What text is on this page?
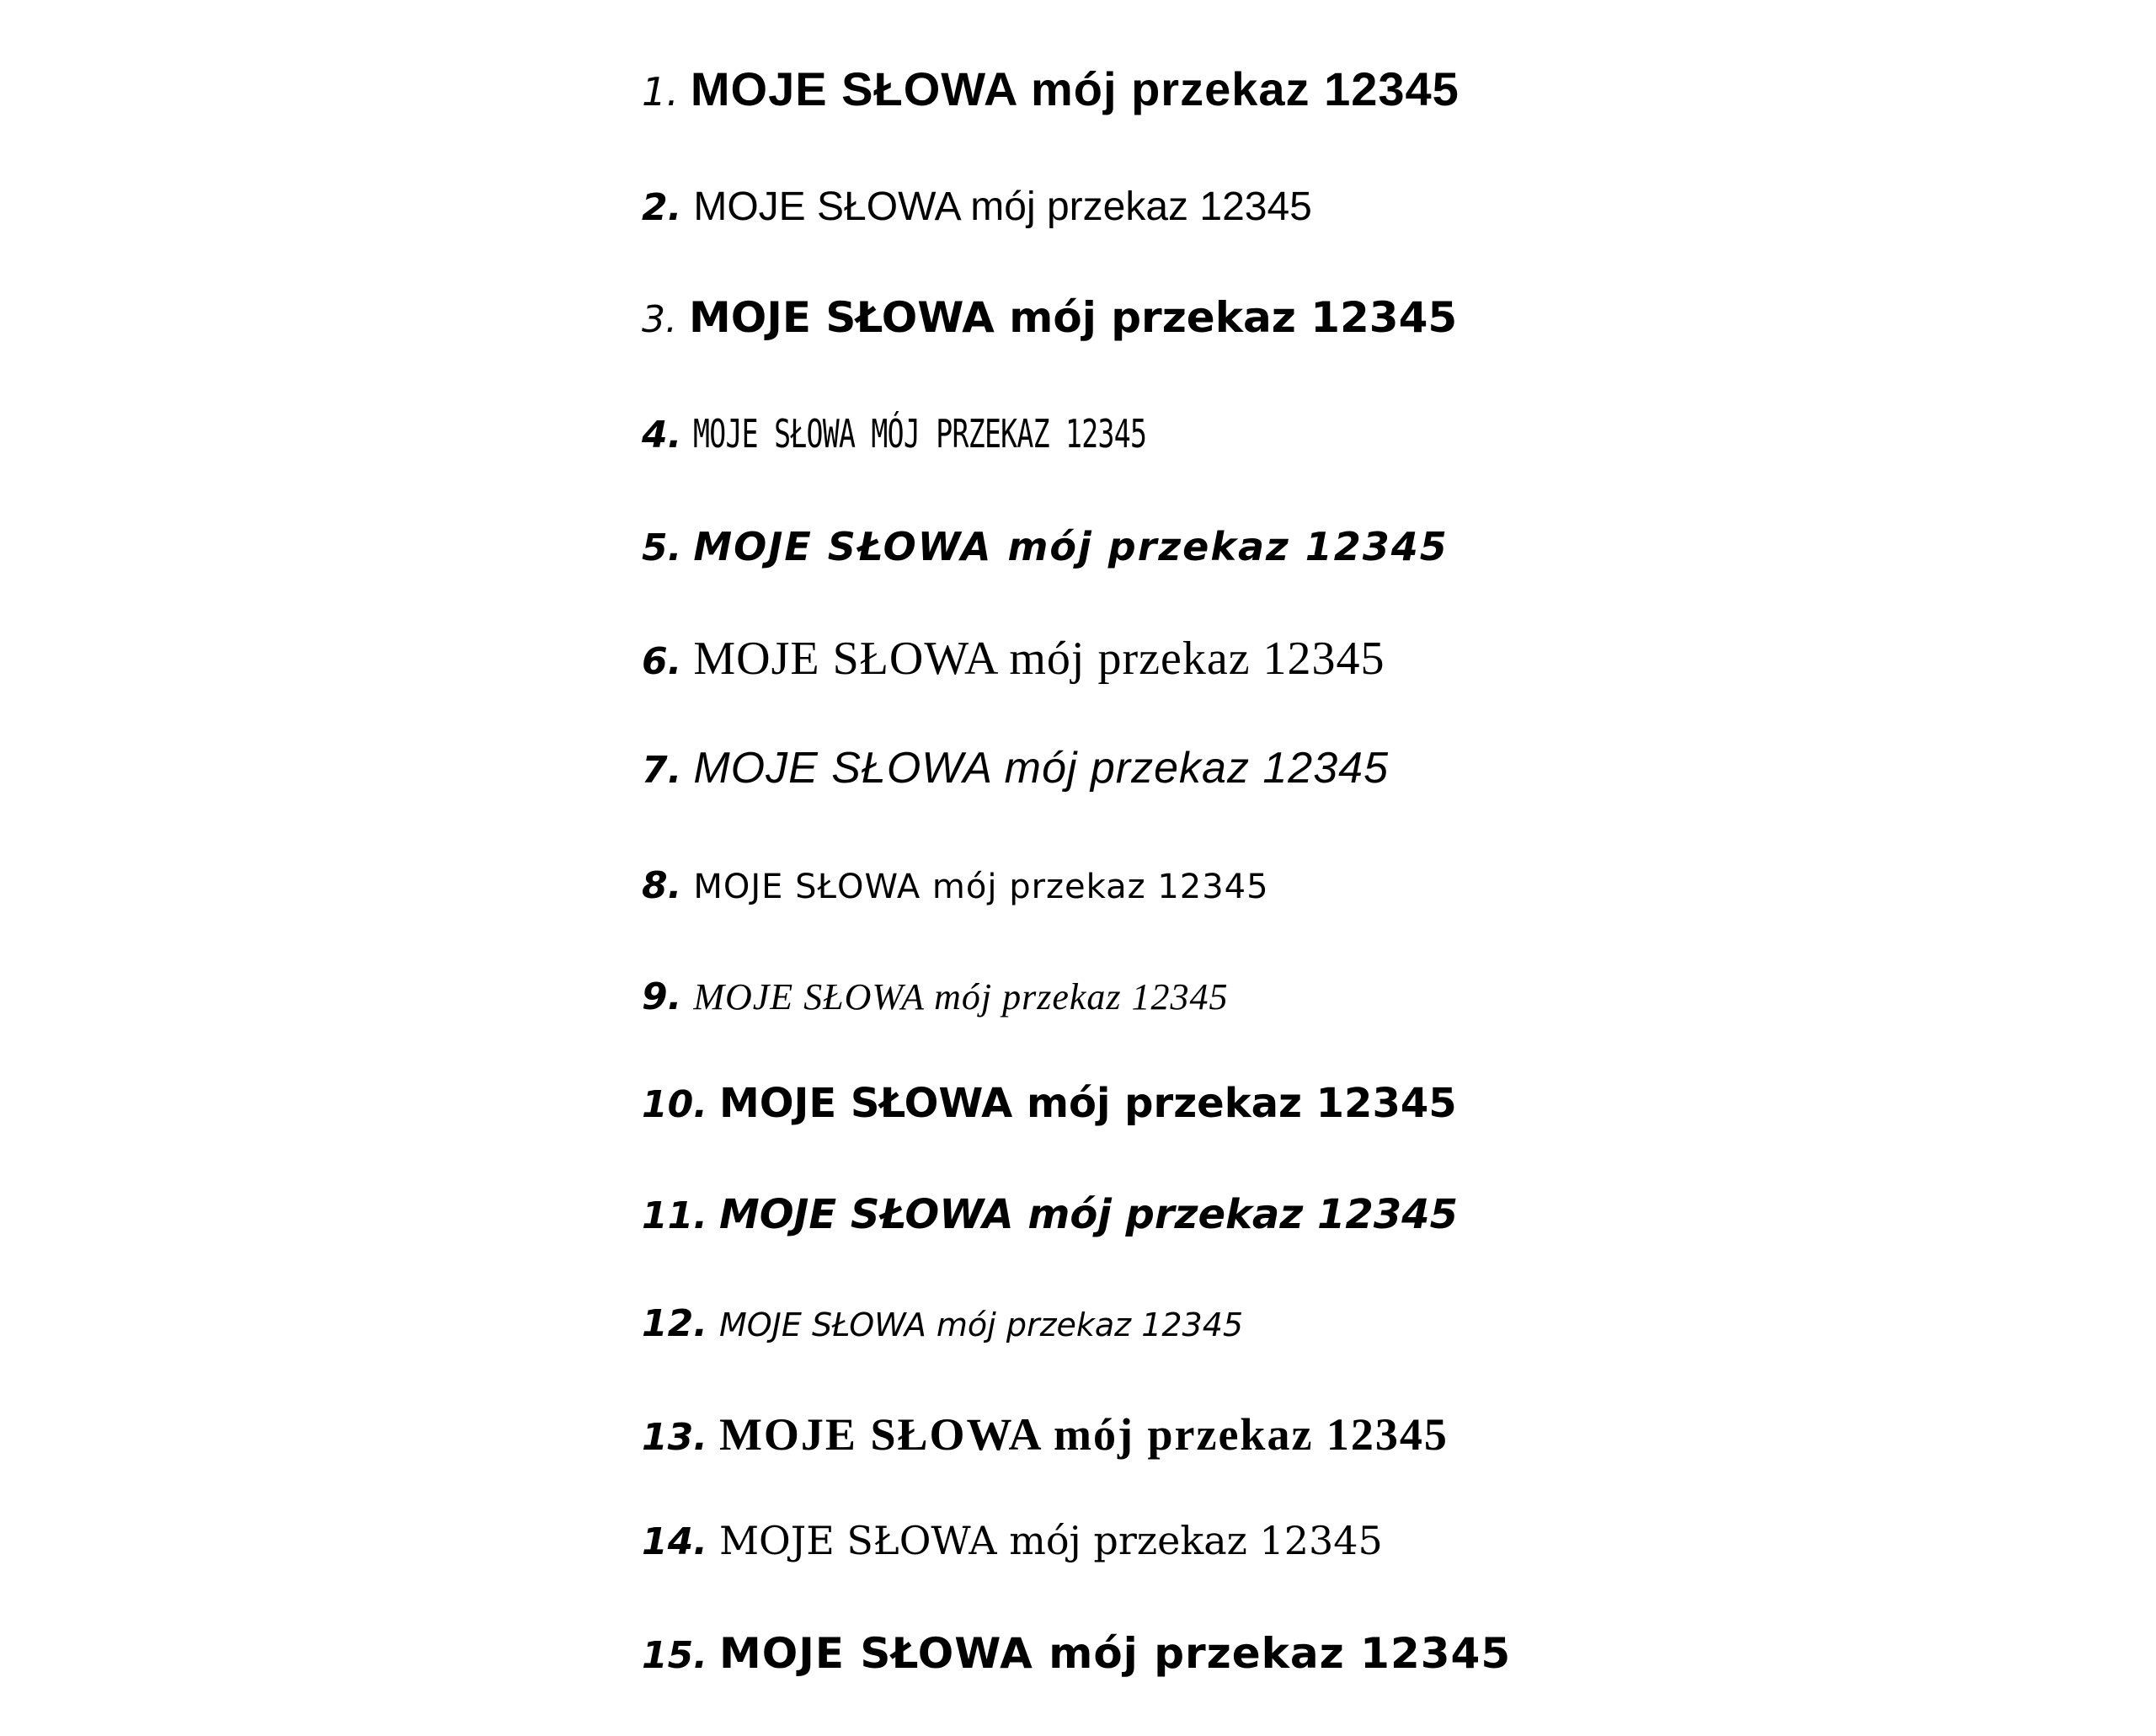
1. MOJE SŁOWA mój przekaz 12345
2. MOJE SŁOWA mój przekaz 12345
3. MOJE SŁOWA mój przekaz 12345
4. MOJE SŁOWA MÓJ PRZEKAZ 12345
5. MOJE SŁOWA mój przekaz 12345
6. MOJE SŁOWA mój przekaz 12345
7. MOJE SŁOWA mój przekaz 12345
8. MOJE SŁOWA mój przekaz 12345
9. MOJE SŁOWA mój przekaz 12345
10. MOJE SŁOWA mój przekaz 12345
11. MOJE SŁOWA mój przekaz 12345
12. MOJE SŁOWA mój przekaz 12345
13. MOJE SŁOWA mój przekaz 12345
14. MOJE SŁOWA mój przekaz 12345
15. MOJE SŁOWA mój przekaz 12345
